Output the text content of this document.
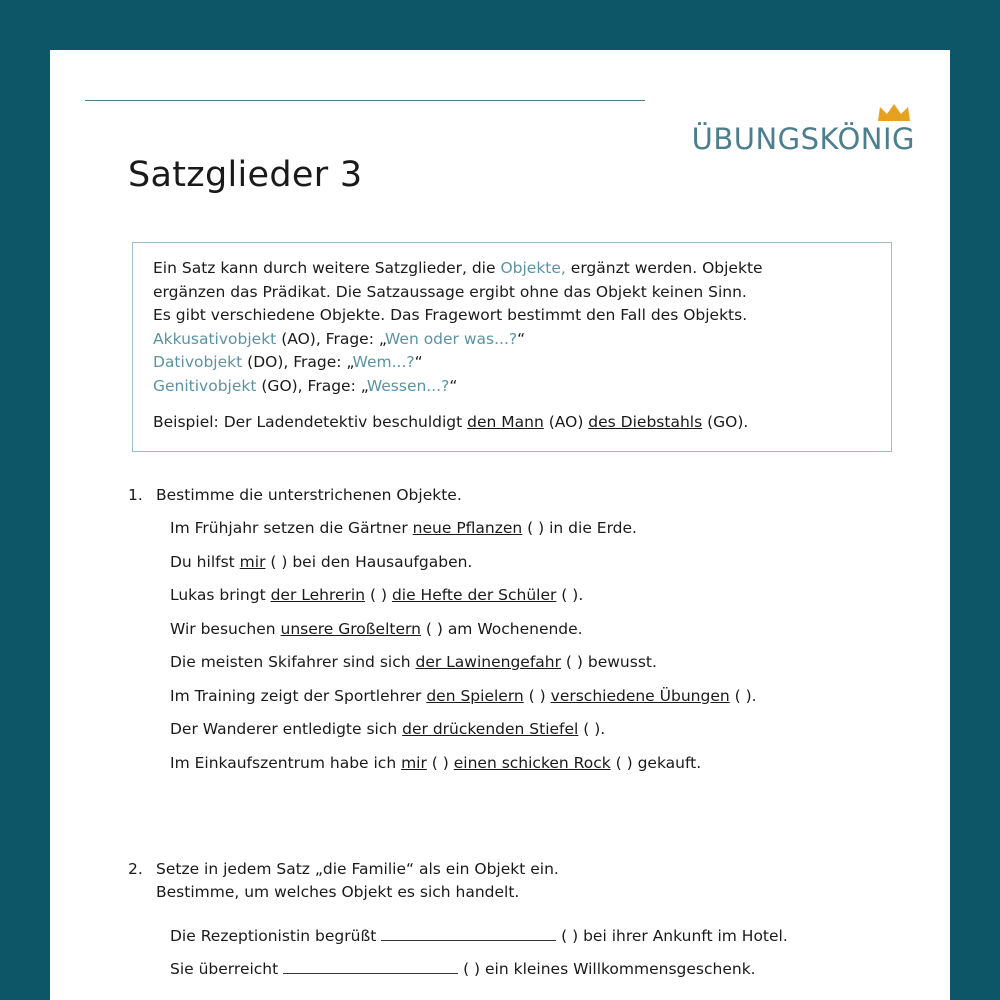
ÜBUNGSKÖNIG
Satzglieder 3

Ein Satz kann durch weitere Satzglieder, die Objekte, ergänzt werden. Objekte

ergänzen das Prädikat. Die Satzaussage ergibt ohne das Objekt keinen Sinn.

Es gibt verschiedene Objekte. Das Fragewort bestimmt den Fall des Objekts.

Akkusativobjekt (AO), Frage: „Wen oder was...?“

Dativobjekt (DO), Frage: „Wem...?“

Genitivobjekt (GO), Frage: „Wessen...?“

Beispiel: Der Ladendetektiv beschuldigt den Mann (AO) des Diebstahls (GO).

1. Bestimme die unterstrichenen Objekte.
Im Frühjahr setzen die Gärtner neue Pflanzen ( ) in die Erde.
Du hilfst mir ( ) bei den Hausaufgaben.
Lukas bringt der Lehrerin ( ) die Hefte der Schüler ( ).
Wir besuchen unsere Großeltern ( ) am Wochenende.
Die meisten Skifahrer sind sich der Lawinengefahr ( ) bewusst.
Im Training zeigt der Sportlehrer den Spielern ( ) verschiedene Übungen ( ).
Der Wanderer entledigte sich der drückenden Stiefel ( ).
Im Einkaufszentrum habe ich mir ( ) einen schicken Rock ( ) gekauft.
2. Setze in jedem Satz „die Familie“ als ein Objekt ein.
Bestimme, um welches Objekt es sich handelt.
Die Rezeptionistin begrüßt	( ) bei ihrer Ankunft im Hotel.
Sie überreicht	( ) ein kleines Willkommensgeschenk.
